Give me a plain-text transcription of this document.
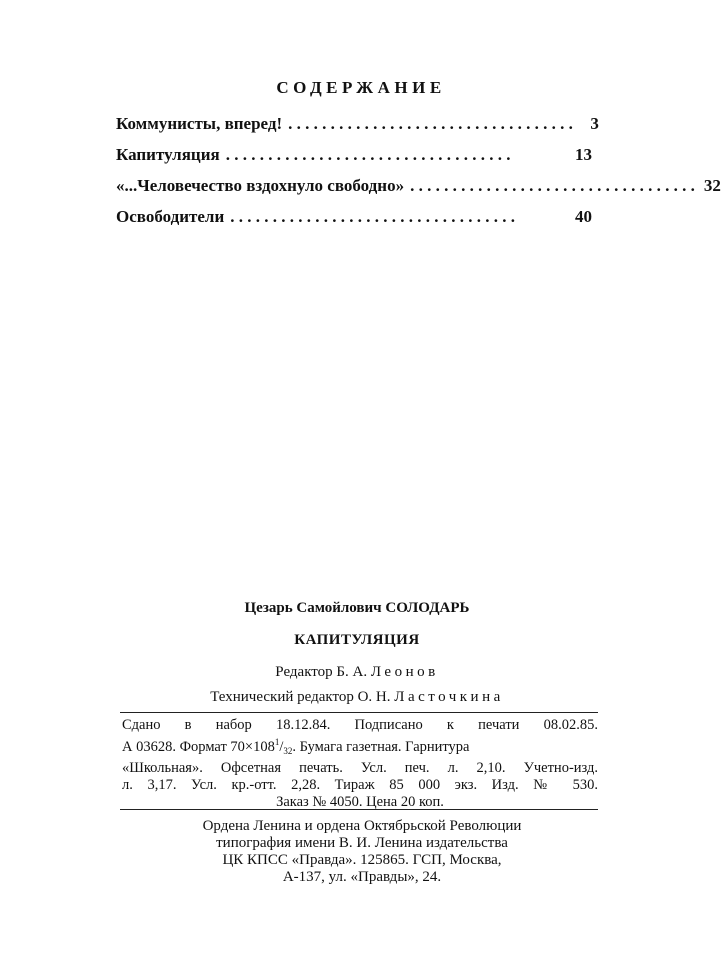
СОДЕРЖАНИЕ
Коммунисты, вперед! . . . . . . . . . . . . . . . . . . . . . . . . . . . . . . . . . .	3
Капитуляция . . . . . . . . . . . . . . . . . . . . . . . . . . . . . . . . . .	13
«...Человечество вздохнуло свободно» . . . . . . . . . . . . . . . . . . . . . . . . . . . . . . . . . . 32
Освободители . . . . . . . . . . . . . . . . . . . . . . . . . . . . . . . . . .	40
Цезарь Самойлович СОЛОДАРЬ
КАПИТУЛЯЦИЯ
Редактор Б. А. Леонов
Технический редактор О. Н. Ласточкина
Сдано в набор 18.12.84. Подписано к печати 08.02.85.
А 03628. Формат $70\times 108^1/_{32}$. Бумага газетная. Гарнитура
«Школьная». Офсетная печать. Усл. печ. л. 2,10. Учетно-изд.
л. 3,17. Усл. кр.-отт. 2,28. Тираж 85 000 экз. Изд. № 530.
Заказ № 4050. Цена 20 коп.
Ордена Ленина и ордена Октябрьской Революции
типография имени В. И. Ленина издательства
ЦК КПСС «Правда». 125865. ГСП, Москва,
А-137, ул. «Правды», 24.
